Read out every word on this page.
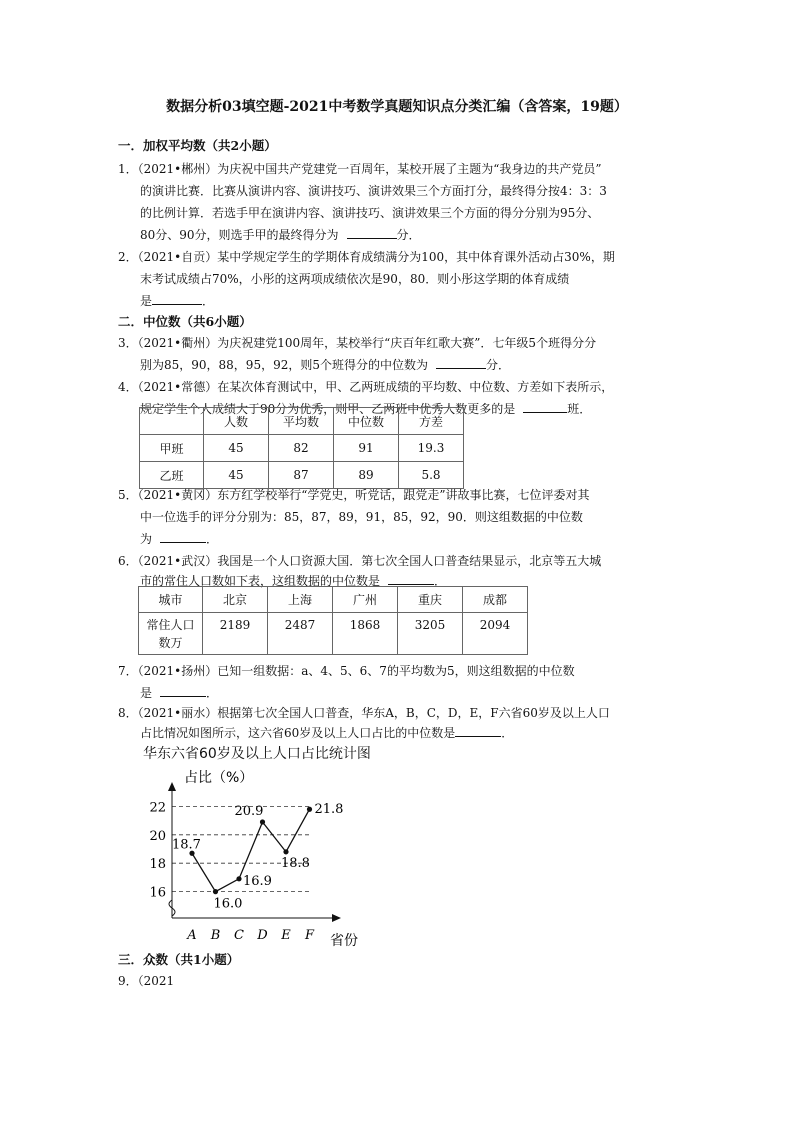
数据分析03填空题-2021中考数学真题知识点分类汇编（含答案，19题）
一．加权平均数（共2小题）
1．（2021•郴州）为庆祝中国共产党建党一百周年，某校开展了主题为“我身边的共产党员”
的演讲比赛．比赛从演讲内容、演讲技巧、演讲效果三个方面打分，最终得分按4：3：3
的比例计算．若选手甲在演讲内容、演讲技巧、演讲效果三个方面的得分分别为95分、
80分、90分，则选手甲的最终得分为	分．
2．（2021•自贡）某中学规定学生的学期体育成绩满分为100，其中体育课外活动占30%，期
末考试成绩占70%，小彤的这两项成绩依次是90，80．则小彤这学期的体育成绩
是	．
二．中位数（共6小题）
3．（2021•衢州）为庆祝建党100周年，某校举行“庆百年红歌大赛”．七年级5个班得分分
别为85，90，88，95，92，则5个班得分的中位数为	分．
4．（2021•常德）在某次体育测试中，甲、乙两班成绩的平均数、中位数、方差如下表所示，
规定学生个人成绩大于90分为优秀，则甲、乙两班中优秀人数更多的是	班．
	人数	平均数	中位数	方差
甲班	45	82	91	19.3
乙班	45	87	89	5.8
5．（2021•黄冈）东方红学校举行“学党史，听党话，跟党走”讲故事比赛，七位评委对其
中一位选手的评分分别为：85，87，89，91，85，92，90．则这组数据的中位数
为	．
6．（2021•武汉）我国是一个人口资源大国．第七次全国人口普查结果显示，北京等五大城
市的常住人口数如下表，这组数据的中位数是	．
城市	北京	上海	广州	重庆	成都
常住人口
数万	2189	2487	1868	3205	2094
7．（2021•扬州）已知一组数据：a、4、5、6、7的平均数为5，则这组数据的中位数
是	．
8．（2021•丽水）根据第七次全国人口普查，华东A，B，C，D，E，F六省60岁及以上人口
占比情况如图所示，这六省60岁及以上人口占比的中位数是	．
华东六省60岁及以上人口占比统计图
占比（%）
省份
16
18
20
22
18.7
16.0
16.9
20.9
18.8
21.8
A B C D E F
三．众数（共1小题）
9．（2021
